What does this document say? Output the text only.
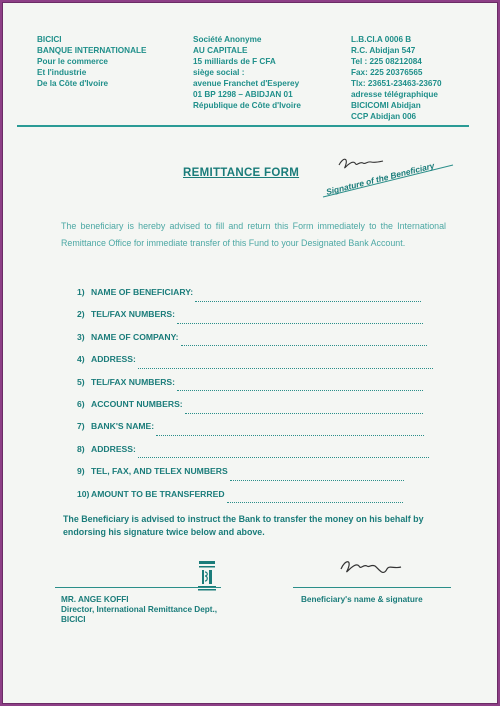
BICICI
BANQUE INTERNATIONALE
Pour le commerce
Et l'industrie
De la Côte d'Ivoire
Société Anonyme
AU CAPITALE
15 milliards de F CFA
siège social :
avenue Franchet d'Esperey
01 BP 1298 – ABIDJAN 01
République de Côte d'Ivoire
L.B.CI.A 0006 B
R.C. Abidjan 547
Tel : 225 08212084
Fax: 225 20376565
Tlx: 23651-23463-23670
adresse télégraphique
BICICOMI Abidjan
CCP Abidjan 006
REMITTANCE FORM	Signature of the Beneficiary
The beneficiary is hereby advised to fill and return this Form immediately to the International Remittance Office for immediate transfer of this Fund to your Designated Bank Account.
1) NAME OF BENEFICIARY:
2) TEL/FAX NUMBERS:
3) NAME OF COMPANY:
4) ADDRESS:
5) TEL/FAX NUMBERS:
6) ACCOUNT NUMBERS:
7) BANK'S NAME:
8) ADDRESS:
9) TEL, FAX, AND TELEX NUMBERS
10) AMOUNT TO BE TRANSFERRED
The Beneficiary is advised to instruct the Bank to transfer the money on his behalf by endorsing his signature twice below and above.
MR. ANGE KOFFI
Director, International Remittance Dept.,
BICICI
Beneficiary's name & signature
